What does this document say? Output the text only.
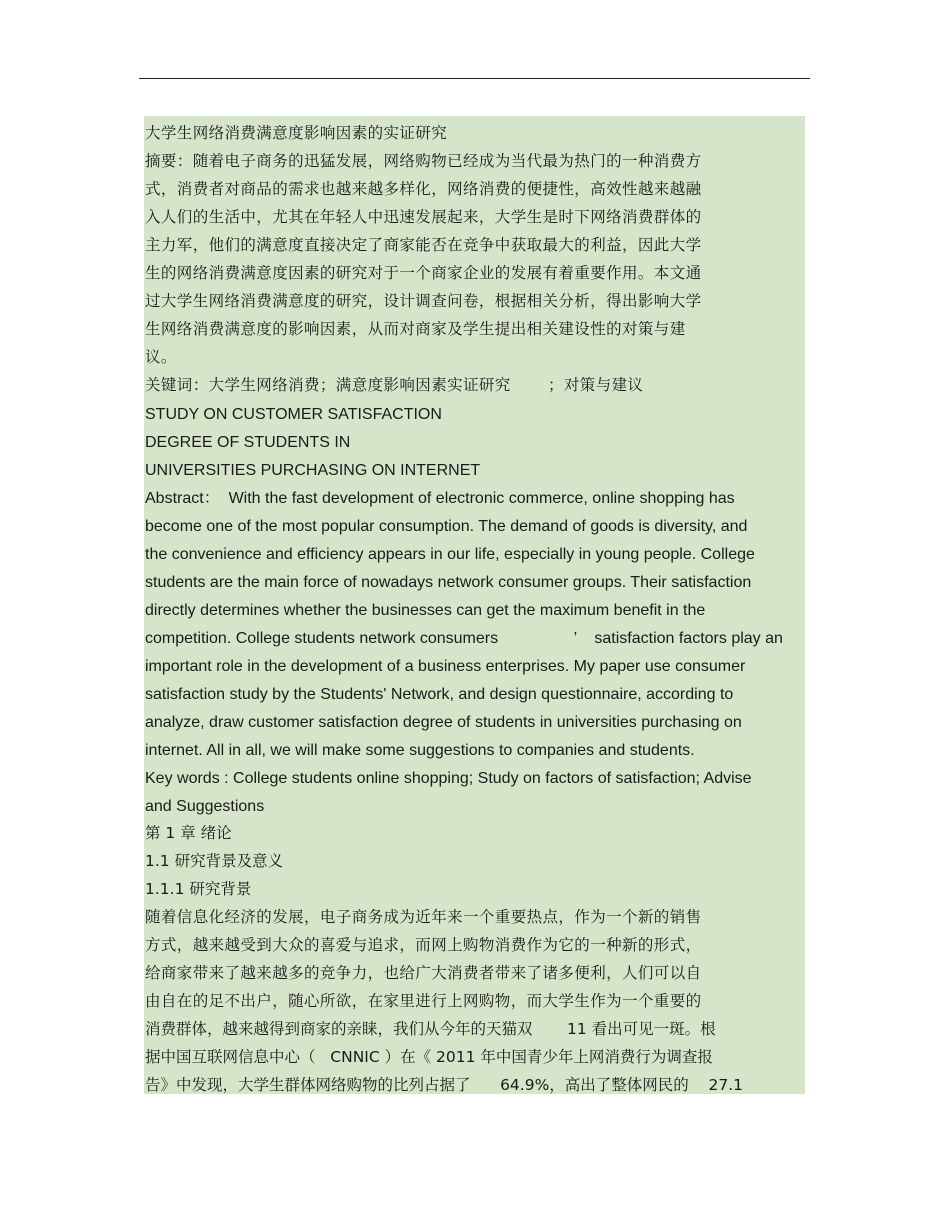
大学生网络消费满意度影响因素的实证研究
摘要：随着电子商务的迅猛发展，网络购物已经成为当代最为热门的一种消费方
式，消费者对商品的需求也越来越多样化，网络消费的便捷性，高效性越来越融
入人们的生活中，尤其在年轻人中迅速发展起来，大学生是时下网络消费群体的
主力军，他们的满意度直接决定了商家能否在竞争中获取最大的利益，因此大学
生的网络消费满意度因素的研究对于一个商家企业的发展有着重要作用。本文通
过大学生网络消费满意度的研究，设计调查问卷，根据相关分析，得出影响大学
生网络消费满意度的影响因素，从而对商家及学生提出相关建设性的对策与建
议。
关键词：大学生网络消费；满意度影响因素实证研究       ；对策与建议
STUDY ON CUSTOMER SATISFACTION
DEGREE OF STUDENTS IN
UNIVERSITIES PURCHASING ON INTERNET
Abstract：  With the fast development of electronic commerce, online shopping has
become one of the most popular consumption. The demand of goods is diversity, and
the convenience and efficiency appears in our life, especially in young people. College
students are the main force of nowadays network consumer groups. Their satisfaction
directly determines whether the businesses can get the maximum benefit in the
competition. College students network consumers                 ’    satisfaction factors play an
important role in the development of a business enterprises. My paper use consumer
satisfaction study by the Students' Network, and design questionnaire, according to
analyze, draw customer satisfaction degree of students in universities purchasing on
internet. All in all, we will make some suggestions to companies and students.
Key words : College students online shopping; Study on factors of satisfaction; Advise
and Suggestions
第 1 章 绪论
1.1 研究背景及意义
1.1.1 研究背景
随着信息化经济的发展，电子商务成为近年来一个重要热点，作为一个新的销售
方式，越来越受到大众的喜爱与追求，而网上购物消费作为它的一种新的形式，
给商家带来了越来越多的竞争力，也给广大消费者带来了诸多便利，人们可以自
由自在的足不出户，随心所欲，在家里进行上网购物，而大学生作为一个重要的
消费群体，越来越得到商家的亲睐，我们从今年的天猫双       11 看出可见一斑。根
据中国互联网信息中心（   CNNIC ）在《 2011 年中国青少年上网消费行为调查报
告》中发现，大学生群体网络购物的比列占据了      64.9%，高出了整体网民的    27.1
